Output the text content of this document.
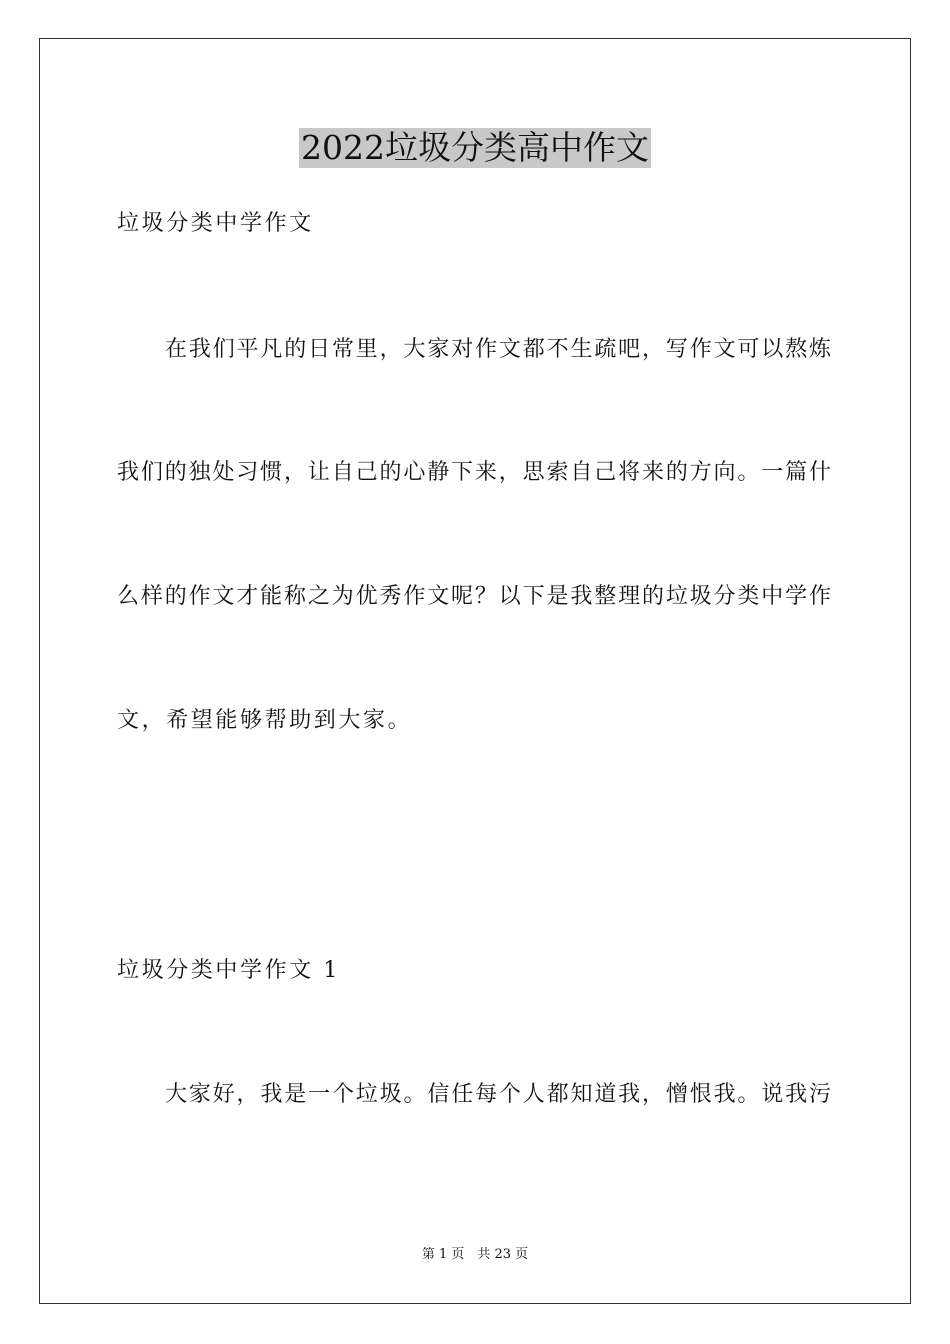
2022垃圾分类高中作文
垃圾分类中学作文
在我们平凡的日常里，大家对作文都不生疏吧，写作文可以熬炼
我们的独处习惯，让自己的心静下来，思索自己将来的方向。一篇什
么样的作文才能称之为优秀作文呢？以下是我整理的垃圾分类中学作
文，希望能够帮助到大家。
垃圾分类中学作文 1
大家好，我是一个垃圾。信任每个人都知道我，憎恨我。说我污
第 1 页　共 23 页
